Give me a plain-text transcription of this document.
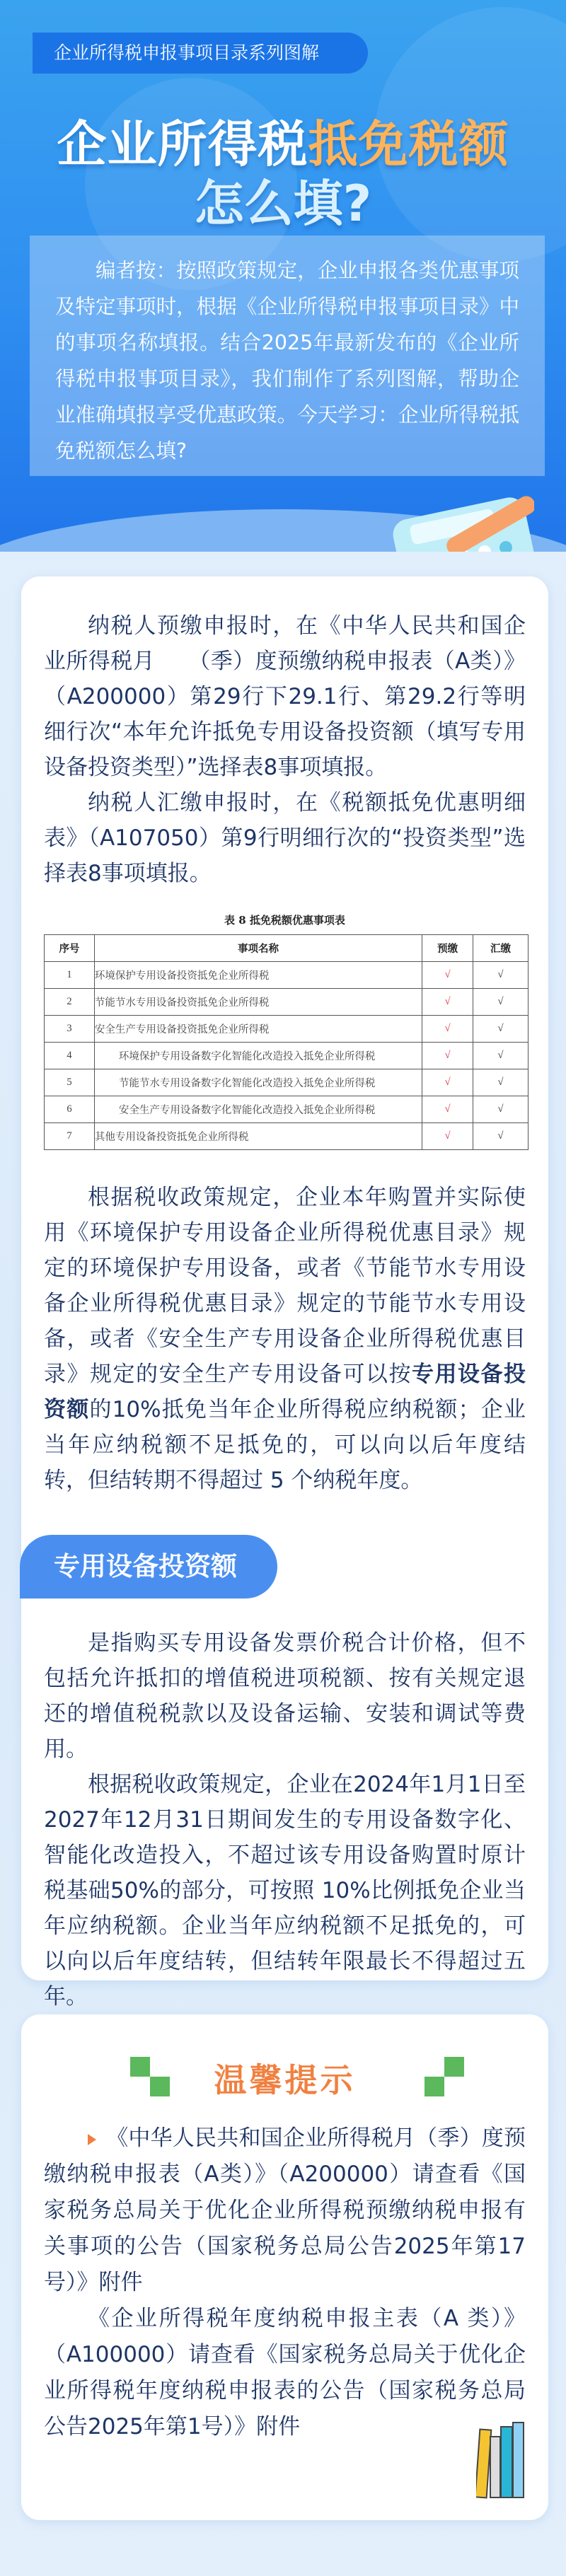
企业所得税申报事项目录系列图解
企业所得税抵免税额
怎么填?

编者按：按照政策规定，企业申报各类优惠事项及特定事项时，根据《企业所得税申报事项目录》中的事项名称填报。结合2025年最新发布的《企业所得税申报事项目录》，我们制作了系列图解，帮助企业准确填报享受优惠政策。今天学习：企业所得税抵免税额怎么填?

纳税人预缴申报时，在《中华人民共和国企业所得税月　　（季）度预缴纳税申报表（A类）》（A200000）第29行下29.1行、第29.2行等明细行次“本年允许抵免专用设备投资额（填写专用设备投资类型）”选择表8事项填报。

纳税人汇缴申报时，在《税额抵免优惠明细表》（A107050）第9行明细行次的“投资类型”选择表8事项填报。

表 8 抵免税额优惠事项表
序号	事项名称	预缴	汇缴
1	环境保护专用设备投资抵免企业所得税	√	√
2	节能节水专用设备投资抵免企业所得税	√	√
3	安全生产专用设备投资抵免企业所得税	√	√
4	环境保护专用设备数字化智能化改造投入抵免企业所得税	√	√
5	节能节水专用设备数字化智能化改造投入抵免企业所得税	√	√
6	安全生产专用设备数字化智能化改造投入抵免企业所得税	√	√
7	其他专用设备投资抵免企业所得税	√	√

根据税收政策规定，企业本年购置并实际使用《环境保护专用设备企业所得税优惠目录》规定的环境保护专用设备，或者《节能节水专用设备企业所得税优惠目录》规定的节能节水专用设备，或者《安全生产专用设备企业所得税优惠目录》规定的安全生产专用设备可以按专用设备投资额的10%抵免当年企业所得税应纳税额；企业当年应纳税额不足抵免的，可以向以后年度结转，但结转期不得超过 5 个纳税年度。

专用设备投资额

是指购买专用设备发票价税合计价格，但不包括允许抵扣的增值税进项税额、按有关规定退还的增值税税款以及设备运输、安装和调试等费用。

根据税收政策规定，企业在2024年1月1日至2027年12月31日期间发生的专用设备数字化、智能化改造投入，不超过该专用设备购置时原计税基础50%的部分，可按照 10%比例抵免企业当年应纳税额。企业当年应纳税额不足抵免的，可以向以后年度结转，但结转年限最长不得超过五年。

温馨提示

《中华人民共和国企业所得税月（季）度预缴纳税申报表（A类）》（A200000）请查看《国家税务总局关于优化企业所得税预缴纳税申报有关事项的公告（国家税务总局公告2025年第17号）》附件

《企业所得税年度纳税申报主表（A 类）》（A100000）请查看《国家税务总局关于优化企业所得税年度纳税申报表的公告（国家税务总局公告2025年第1号）》附件
